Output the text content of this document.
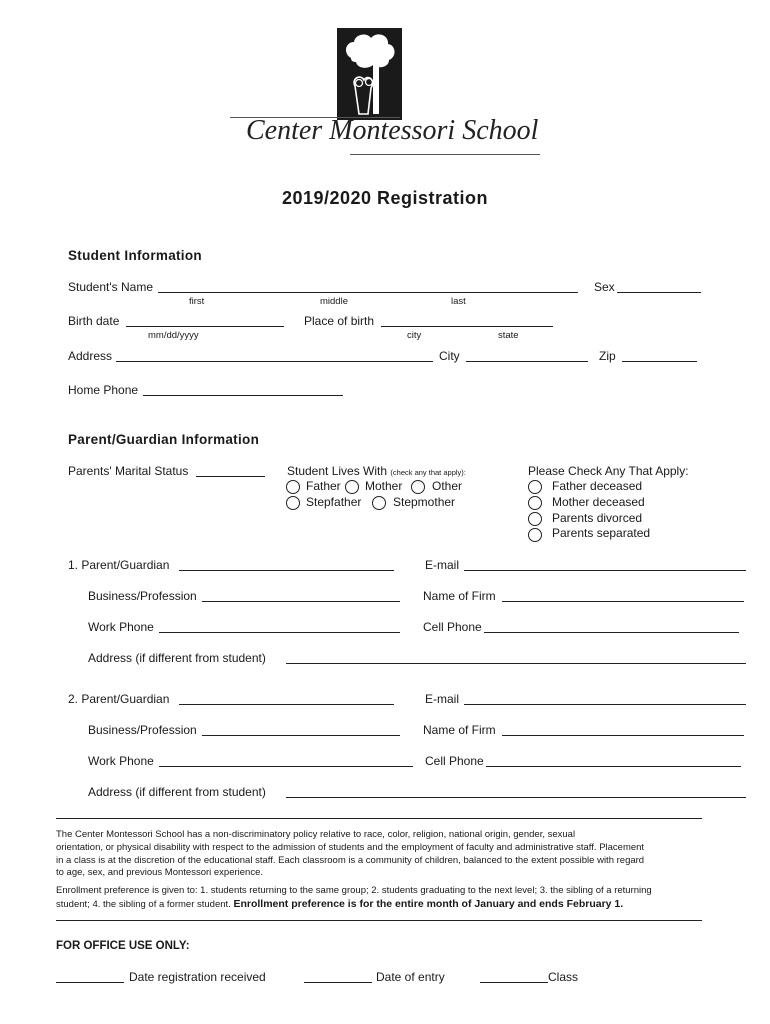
Center Montessori School
2019/2020 Registration
Student Information
Student's Name	Sex
first	middle	last
Birth date
mm/dd/yyyy
Place of birth
city	state
Address	City	Zip
Home Phone
Parent/Guardian Information
Parents' Marital Status	Student Lives With (check any that apply):
Father Mother Other
Stepfather	Stepmother
Please Check Any That Apply:
Father deceased
Mother deceased
Parents divorced
Parents separated
1. Parent/Guardian	E-mail
Business/Profession	Name of Firm
Work Phone	Cell Phone
Address (if different from student)
2. Parent/Guardian	E-mail
Business/Profession	Name of Firm
Work Phone	Cell Phone
Address (if different from student)
The Center Montessori School has a non-discriminatory policy relative to race, color, religion, national origin, gender, sexual
orientation, or physical disability with respect to the admission of students and the employment of faculty and administrative staff. Placement
in a class is at the discretion of the educational staff. Each classroom is a community of children, balanced to the extent possible with regard
to age, sex, and previous Montessori experience.
Enrollment preference is given to: 1. students returning to the same group; 2. students graduating to the next level; 3. the sibling of a returning
student; 4. the sibling of a former student. Enrollment preference is for the entire month of January and ends February 1.
FOR OFFICE USE ONLY:
Date registration received	Date of entry	Class
